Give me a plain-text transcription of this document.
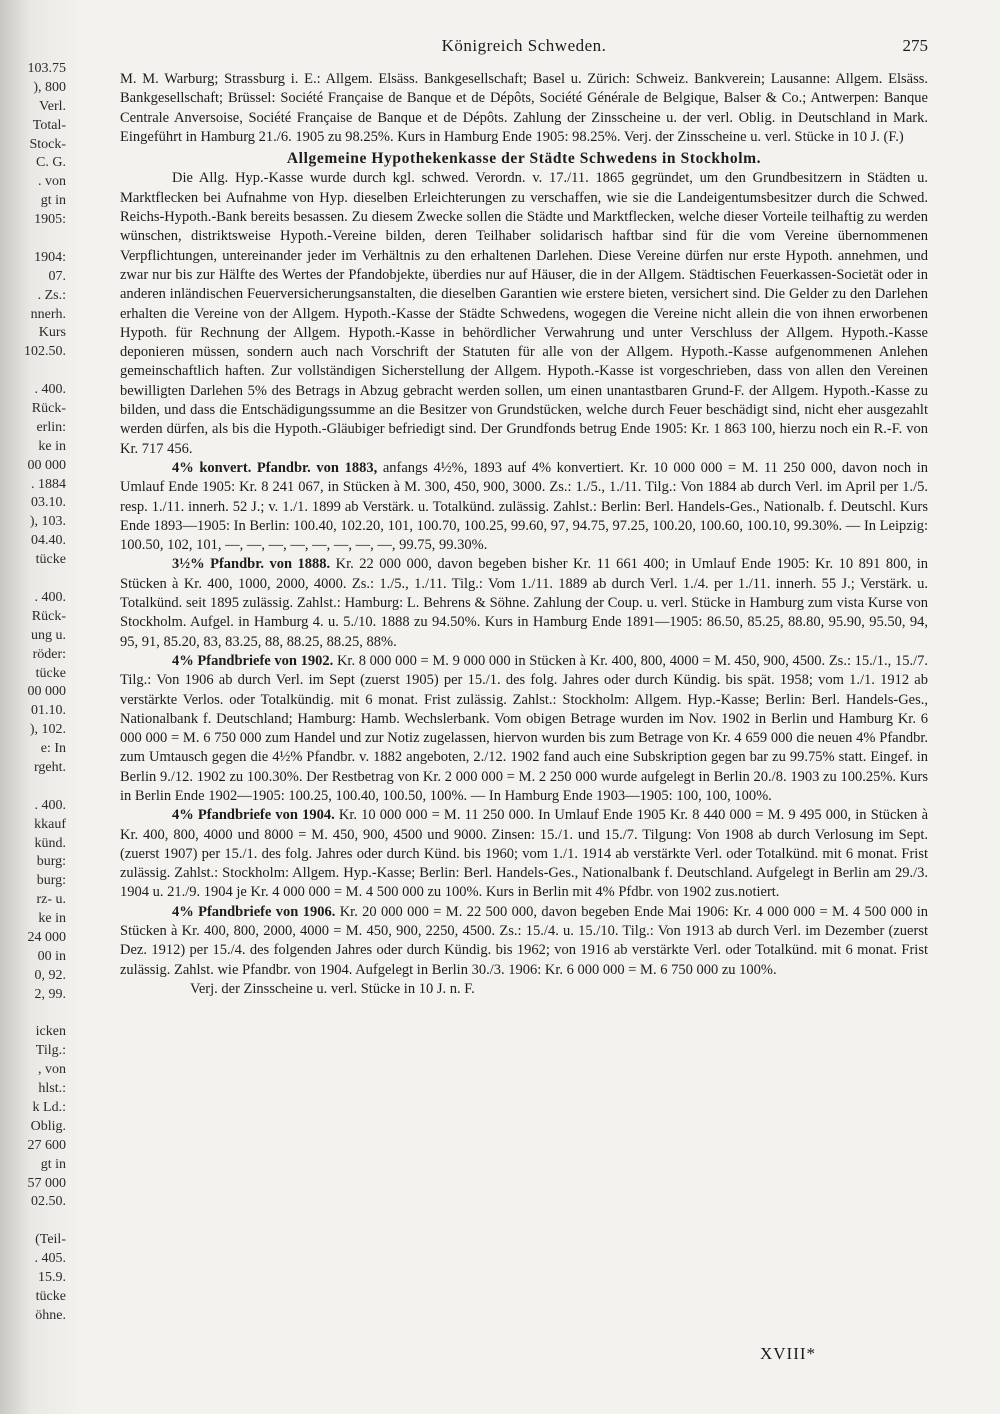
103.75
), 800
Verl.
Total-
Stock-
C. G.
. von
gt in
1905:
1904:
07.
. Zs.:
nnerh.
Kurs
102.50.
. 400.
Rück-
erlin:
ke in
00 000
. 1884
03.10.
), 103.
04.40.
tücke
. 400.
Rück-
ung u.
röder:
tücke
00 000
01.10.
), 102.
e: In
rgeht.
. 400.
kkauf
künd.
burg:
burg:
rz- u.
ke in
24 000
00 in
0, 92.
2, 99.
icken
Tilg.:
, von
hlst.:
k Ld.:
Oblig.
27 600
gt in
57 000
02.50.
(Teil-
. 405.
15.9.
tücke
öhne.
Königreich Schweden.	275

M. M. Warburg; Strassburg i. E.: Allgem. Elsäss. Bankgesellschaft; Basel u. Zürich: Schweiz. Bankverein; Lausanne: Allgem. Elsäss. Bankgesellschaft; Brüssel: Société Française de Banque et de Dépôts, Société Générale de Belgique, Balser & Co.; Antwerpen: Banque Centrale Anversoise, Société Française de Banque et de Dépôts. Zahlung der Zinsscheine u. der verl. Oblig. in Deutschland in Mark. Eingeführt in Hamburg 21./6. 1905 zu 98.25%. Kurs in Hamburg Ende 1905: 98.25%. Verj. der Zinsscheine u. verl. Stücke in 10 J. (F.)

Allgemeine Hypothekenkasse der Städte Schwedens in Stockholm.

Die Allg. Hyp.-Kasse wurde durch kgl. schwed. Verordn. v. 17./11. 1865 gegründet, um den Grundbesitzern in Städten u. Marktflecken bei Aufnahme von Hyp. dieselben Erleichterungen zu verschaffen, wie sie die Landeigentumsbesitzer durch die Schwed. Reichs-Hypoth.-Bank bereits besassen. Zu diesem Zwecke sollen die Städte und Marktflecken, welche dieser Vorteile teilhaftig zu werden wünschen, distriktsweise Hypoth.-Vereine bilden, deren Teilhaber solidarisch haftbar sind für die vom Vereine übernommenen Verpflichtungen, untereinander jeder im Verhältnis zu den erhaltenen Darlehen. Diese Vereine dürfen nur erste Hypoth. annehmen, und zwar nur bis zur Hälfte des Wertes der Pfandobjekte, überdies nur auf Häuser, die in der Allgem. Städtischen Feuerkassen-Societät oder in anderen inländischen Feuerversicherungsanstalten, die dieselben Garantien wie erstere bieten, versichert sind. Die Gelder zu den Darlehen erhalten die Vereine von der Allgem. Hypoth.-Kasse der Städte Schwedens, wogegen die Vereine nicht allein die von ihnen erworbenen Hypoth. für Rechnung der Allgem. Hypoth.-Kasse in behördlicher Verwahrung und unter Verschluss der Allgem. Hypoth.-Kasse deponieren müssen, sondern auch nach Vorschrift der Statuten für alle von der Allgem. Hypoth.-Kasse aufgenommenen Anlehen gemeinschaftlich haften. Zur vollständigen Sicherstellung der Allgem. Hypoth.-Kasse ist vorgeschrieben, dass von allen den Vereinen bewilligten Darlehen 5% des Betrags in Abzug gebracht werden sollen, um einen unantastbaren Grund-F. der Allgem. Hypoth.-Kasse zu bilden, und dass die Entschädigungssumme an die Besitzer von Grundstücken, welche durch Feuer beschädigt sind, nicht eher ausgezahlt werden dürfen, als bis die Hypoth.-Gläubiger befriedigt sind. Der Grundfonds betrug Ende 1905: Kr. 1 863 100, hierzu noch ein R.-F. von Kr. 717 456.

4% konvert. Pfandbr. von 1883, anfangs 4½%, 1893 auf 4% konvertiert. Kr. 10 000 000 = M. 11 250 000, davon noch in Umlauf Ende 1905: Kr. 8 241 067, in Stücken à M. 300, 450, 900, 3000. Zs.: 1./5., 1./11. Tilg.: Von 1884 ab durch Verl. im April per 1./5. resp. 1./11. innerh. 52 J.; v. 1./1. 1899 ab Verstärk. u. Totalkünd. zulässig. Zahlst.: Berlin: Berl. Handels-Ges., Nationalb. f. Deutschl. Kurs Ende 1893—1905: In Berlin: 100.40, 102.20, 101, 100.70, 100.25, 99.60, 97, 94.75, 97.25, 100.20, 100.60, 100.10, 99.30%. — In Leipzig: 100.50, 102, 101, —, —, —, —, —, —, —, —, 99.75, 99.30%.

3½% Pfandbr. von 1888. Kr. 22 000 000, davon begeben bisher Kr. 11 661 400; in Umlauf Ende 1905: Kr. 10 891 800, in Stücken à Kr. 400, 1000, 2000, 4000. Zs.: 1./5., 1./11. Tilg.: Vom 1./11. 1889 ab durch Verl. 1./4. per 1./11. innerh. 55 J.; Verstärk. u. Totalkünd. seit 1895 zulässig. Zahlst.: Hamburg: L. Behrens & Söhne. Zahlung der Coup. u. verl. Stücke in Hamburg zum vista Kurse von Stockholm. Aufgel. in Hamburg 4. u. 5./10. 1888 zu 94.50%. Kurs in Hamburg Ende 1891—1905: 86.50, 85.25, 88.80, 95.90, 95.50, 94, 95, 91, 85.20, 83, 83.25, 88, 88.25, 88.25, 88%.

4% Pfandbriefe von 1902. Kr. 8 000 000 = M. 9 000 000 in Stücken à Kr. 400, 800, 4000 = M. 450, 900, 4500. Zs.: 15./1., 15./7. Tilg.: Von 1906 ab durch Verl. im Sept (zuerst 1905) per 15./1. des folg. Jahres oder durch Kündig. bis spät. 1958; vom 1./1. 1912 ab verstärkte Verlos. oder Totalkündig. mit 6 monat. Frist zulässig. Zahlst.: Stockholm: Allgem. Hyp.-Kasse; Berlin: Berl. Handels-Ges., Nationalbank f. Deutschland; Hamburg: Hamb. Wechslerbank. Vom obigen Betrage wurden im Nov. 1902 in Berlin und Hamburg Kr. 6 000 000 = M. 6 750 000 zum Handel und zur Notiz zugelassen, hiervon wurden bis zum Betrage von Kr. 4 659 000 die neuen 4% Pfandbr. zum Umtausch gegen die 4½% Pfandbr. v. 1882 angeboten, 2./12. 1902 fand auch eine Subskription gegen bar zu 99.75% statt. Eingef. in Berlin 9./12. 1902 zu 100.30%. Der Restbetrag von Kr. 2 000 000 = M. 2 250 000 wurde aufgelegt in Berlin 20./8. 1903 zu 100.25%. Kurs in Berlin Ende 1902—1905: 100.25, 100.40, 100.50, 100%. — In Hamburg Ende 1903—1905: 100, 100, 100%.

4% Pfandbriefe von 1904. Kr. 10 000 000 = M. 11 250 000. In Umlauf Ende 1905 Kr. 8 440 000 = M. 9 495 000, in Stücken à Kr. 400, 800, 4000 und 8000 = M. 450, 900, 4500 und 9000. Zinsen: 15./1. und 15./7. Tilgung: Von 1908 ab durch Verlosung im Sept. (zuerst 1907) per 15./1. des folg. Jahres oder durch Künd. bis 1960; vom 1./1. 1914 ab verstärkte Verl. oder Totalkünd. mit 6 monat. Frist zulässig. Zahlst.: Stockholm: Allgem. Hyp.-Kasse; Berlin: Berl. Handels-Ges., Nationalbank f. Deutschland. Aufgelegt in Berlin am 29./3. 1904 u. 21./9. 1904 je Kr. 4 000 000 = M. 4 500 000 zu 100%. Kurs in Berlin mit 4% Pfdbr. von 1902 zus.notiert.

4% Pfandbriefe von 1906. Kr. 20 000 000 = M. 22 500 000, davon begeben Ende Mai 1906: Kr. 4 000 000 = M. 4 500 000 in Stücken à Kr. 400, 800, 2000, 4000 = M. 450, 900, 2250, 4500. Zs.: 15./4. u. 15./10. Tilg.: Von 1913 ab durch Verl. im Dezember (zuerst Dez. 1912) per 15./4. des folgenden Jahres oder durch Kündig. bis 1962; von 1916 ab verstärkte Verl. oder Totalkünd. mit 6 monat. Frist zulässig. Zahlst. wie Pfandbr. von 1904. Aufgelegt in Berlin 30./3. 1906: Kr. 6 000 000 = M. 6 750 000 zu 100%.

Verj. der Zinsscheine u. verl. Stücke in 10 J. n. F.

XVIII*
